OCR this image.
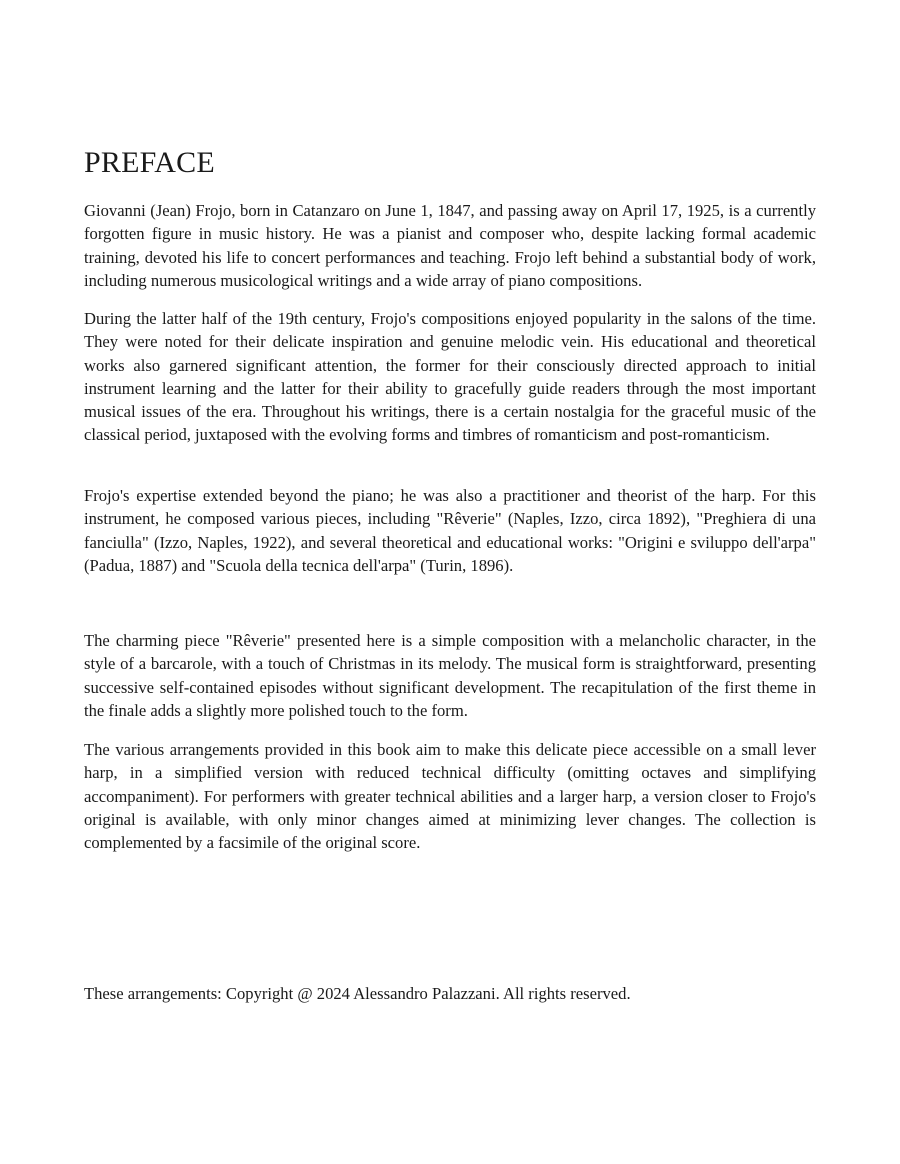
PREFACE

Giovanni (Jean) Frojo, born in Catanzaro on June 1, 1847, and passing away on April 17, 1925, is a currently forgotten figure in music history. He was a pianist and composer who, despite lacking formal academic training, devoted his life to concert performances and teaching. Frojo left behind a substantial body of work, including numerous musicological writings and a wide array of piano compositions.

During the latter half of the 19th century, Frojo's compositions enjoyed popularity in the salons of the time. They were noted for their delicate inspiration and genuine melodic vein. His educational and theoretical works also garnered significant attention, the former for their consciously directed approach to initial instrument learning and the latter for their ability to gracefully guide readers through the most important musical issues of the era. Throughout his writings, there is a certain nostalgia for the graceful music of the classical period, juxtaposed with the evolving forms and timbres of romanticism and post-romanticism.

Frojo's expertise extended beyond the piano; he was also a practitioner and theorist of the harp. For this instrument, he composed various pieces, including "Rêverie" (Naples, Izzo, circa 1892), "Preghiera di una fanciulla" (Izzo, Naples, 1922), and several theoretical and educational works: "Origini e sviluppo dell'arpa" (Padua, 1887) and "Scuola della tecnica dell'arpa" (Turin, 1896).

The charming piece "Rêverie" presented here is a simple composition with a melancholic character, in the style of a barcarole, with a touch of Christmas in its melody. The musical form is straightforward, presenting successive self-contained episodes without significant development. The recapitulation of the first theme in the finale adds a slightly more polished touch to the form.

The various arrangements provided in this book aim to make this delicate piece accessible on a small lever harp, in a simplified version with reduced technical difficulty (omitting octaves and simplifying accompaniment). For performers with greater technical abilities and a larger harp, a version closer to Frojo's original is available, with only minor changes aimed at minimizing lever changes. The collection is complemented by a facsimile of the original score.

These arrangements: Copyright @ 2024 Alessandro Palazzani. All rights reserved.
